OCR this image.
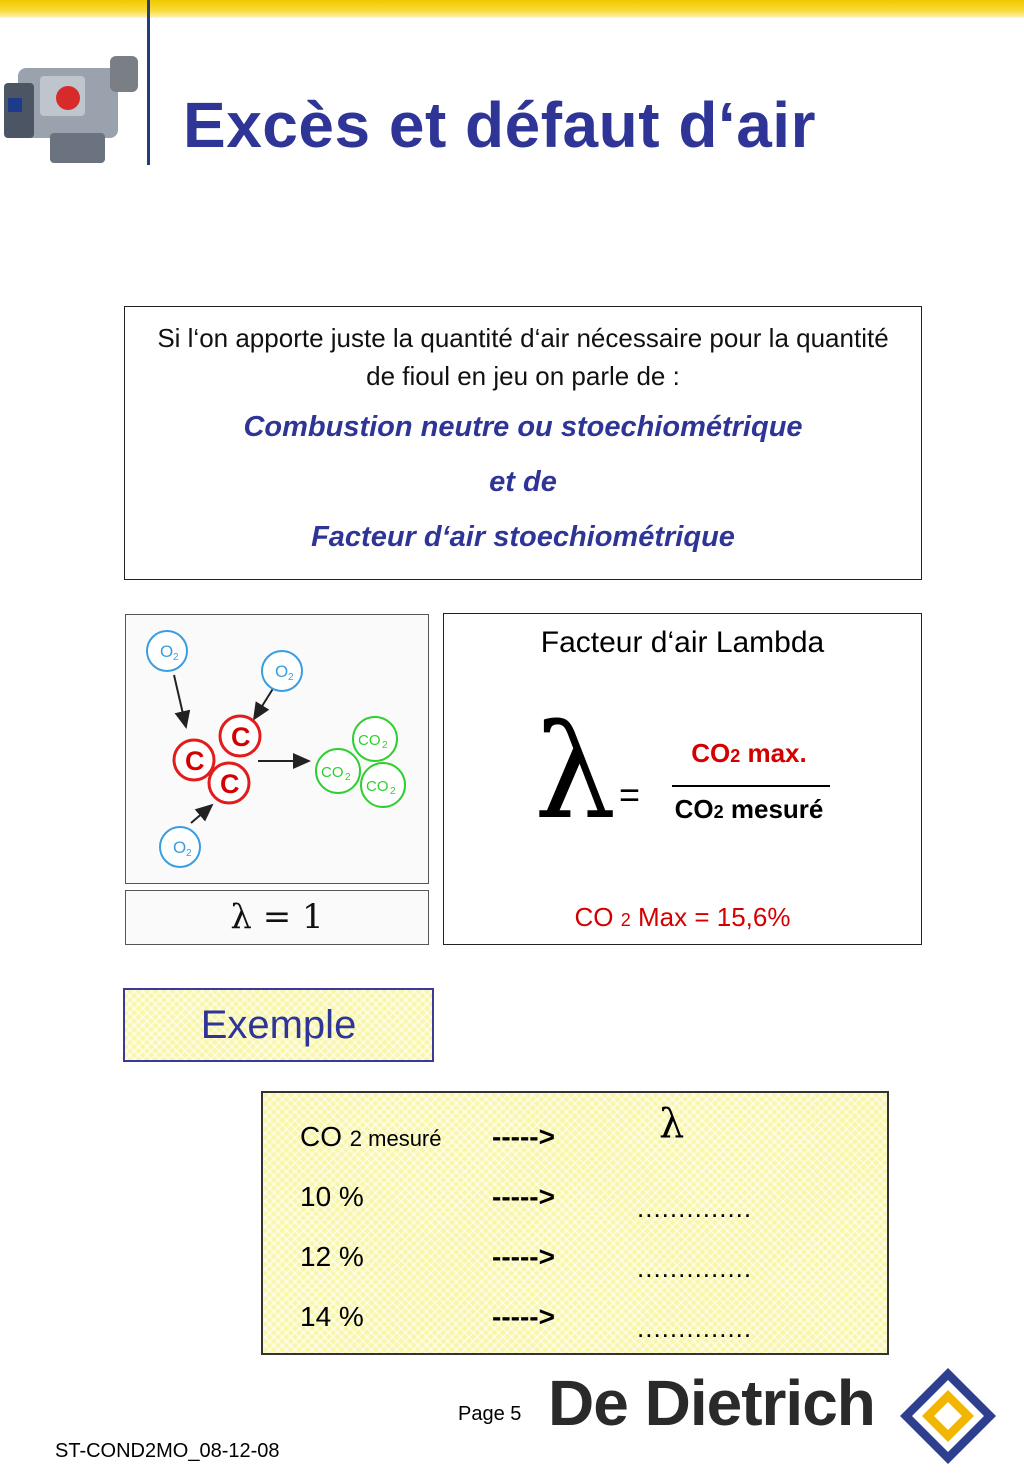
Excès et défaut d‘air

Si l‘on apporte juste la quantité d‘air nécessaire pour la quantité de fioul en jeu on parle de :

Combustion neutre ou stoechiométrique

et de

Facteur d‘air stoechiométrique

O 2
O 2
O 2
C
C
C
CO 2
CO 2
CO 2
λ = 1
Facteur d‘air Lambda
λ =
CO2 max.
CO2 mesuré
CO 2 Max = 15,6%
Exemple
CO 2 mesuré ----->	λ
10 %	----->	..............
12 %	----->	..............
14 %	----->	..............
Page 5 De Dietrich
ST-COND2MO_08-12-08
